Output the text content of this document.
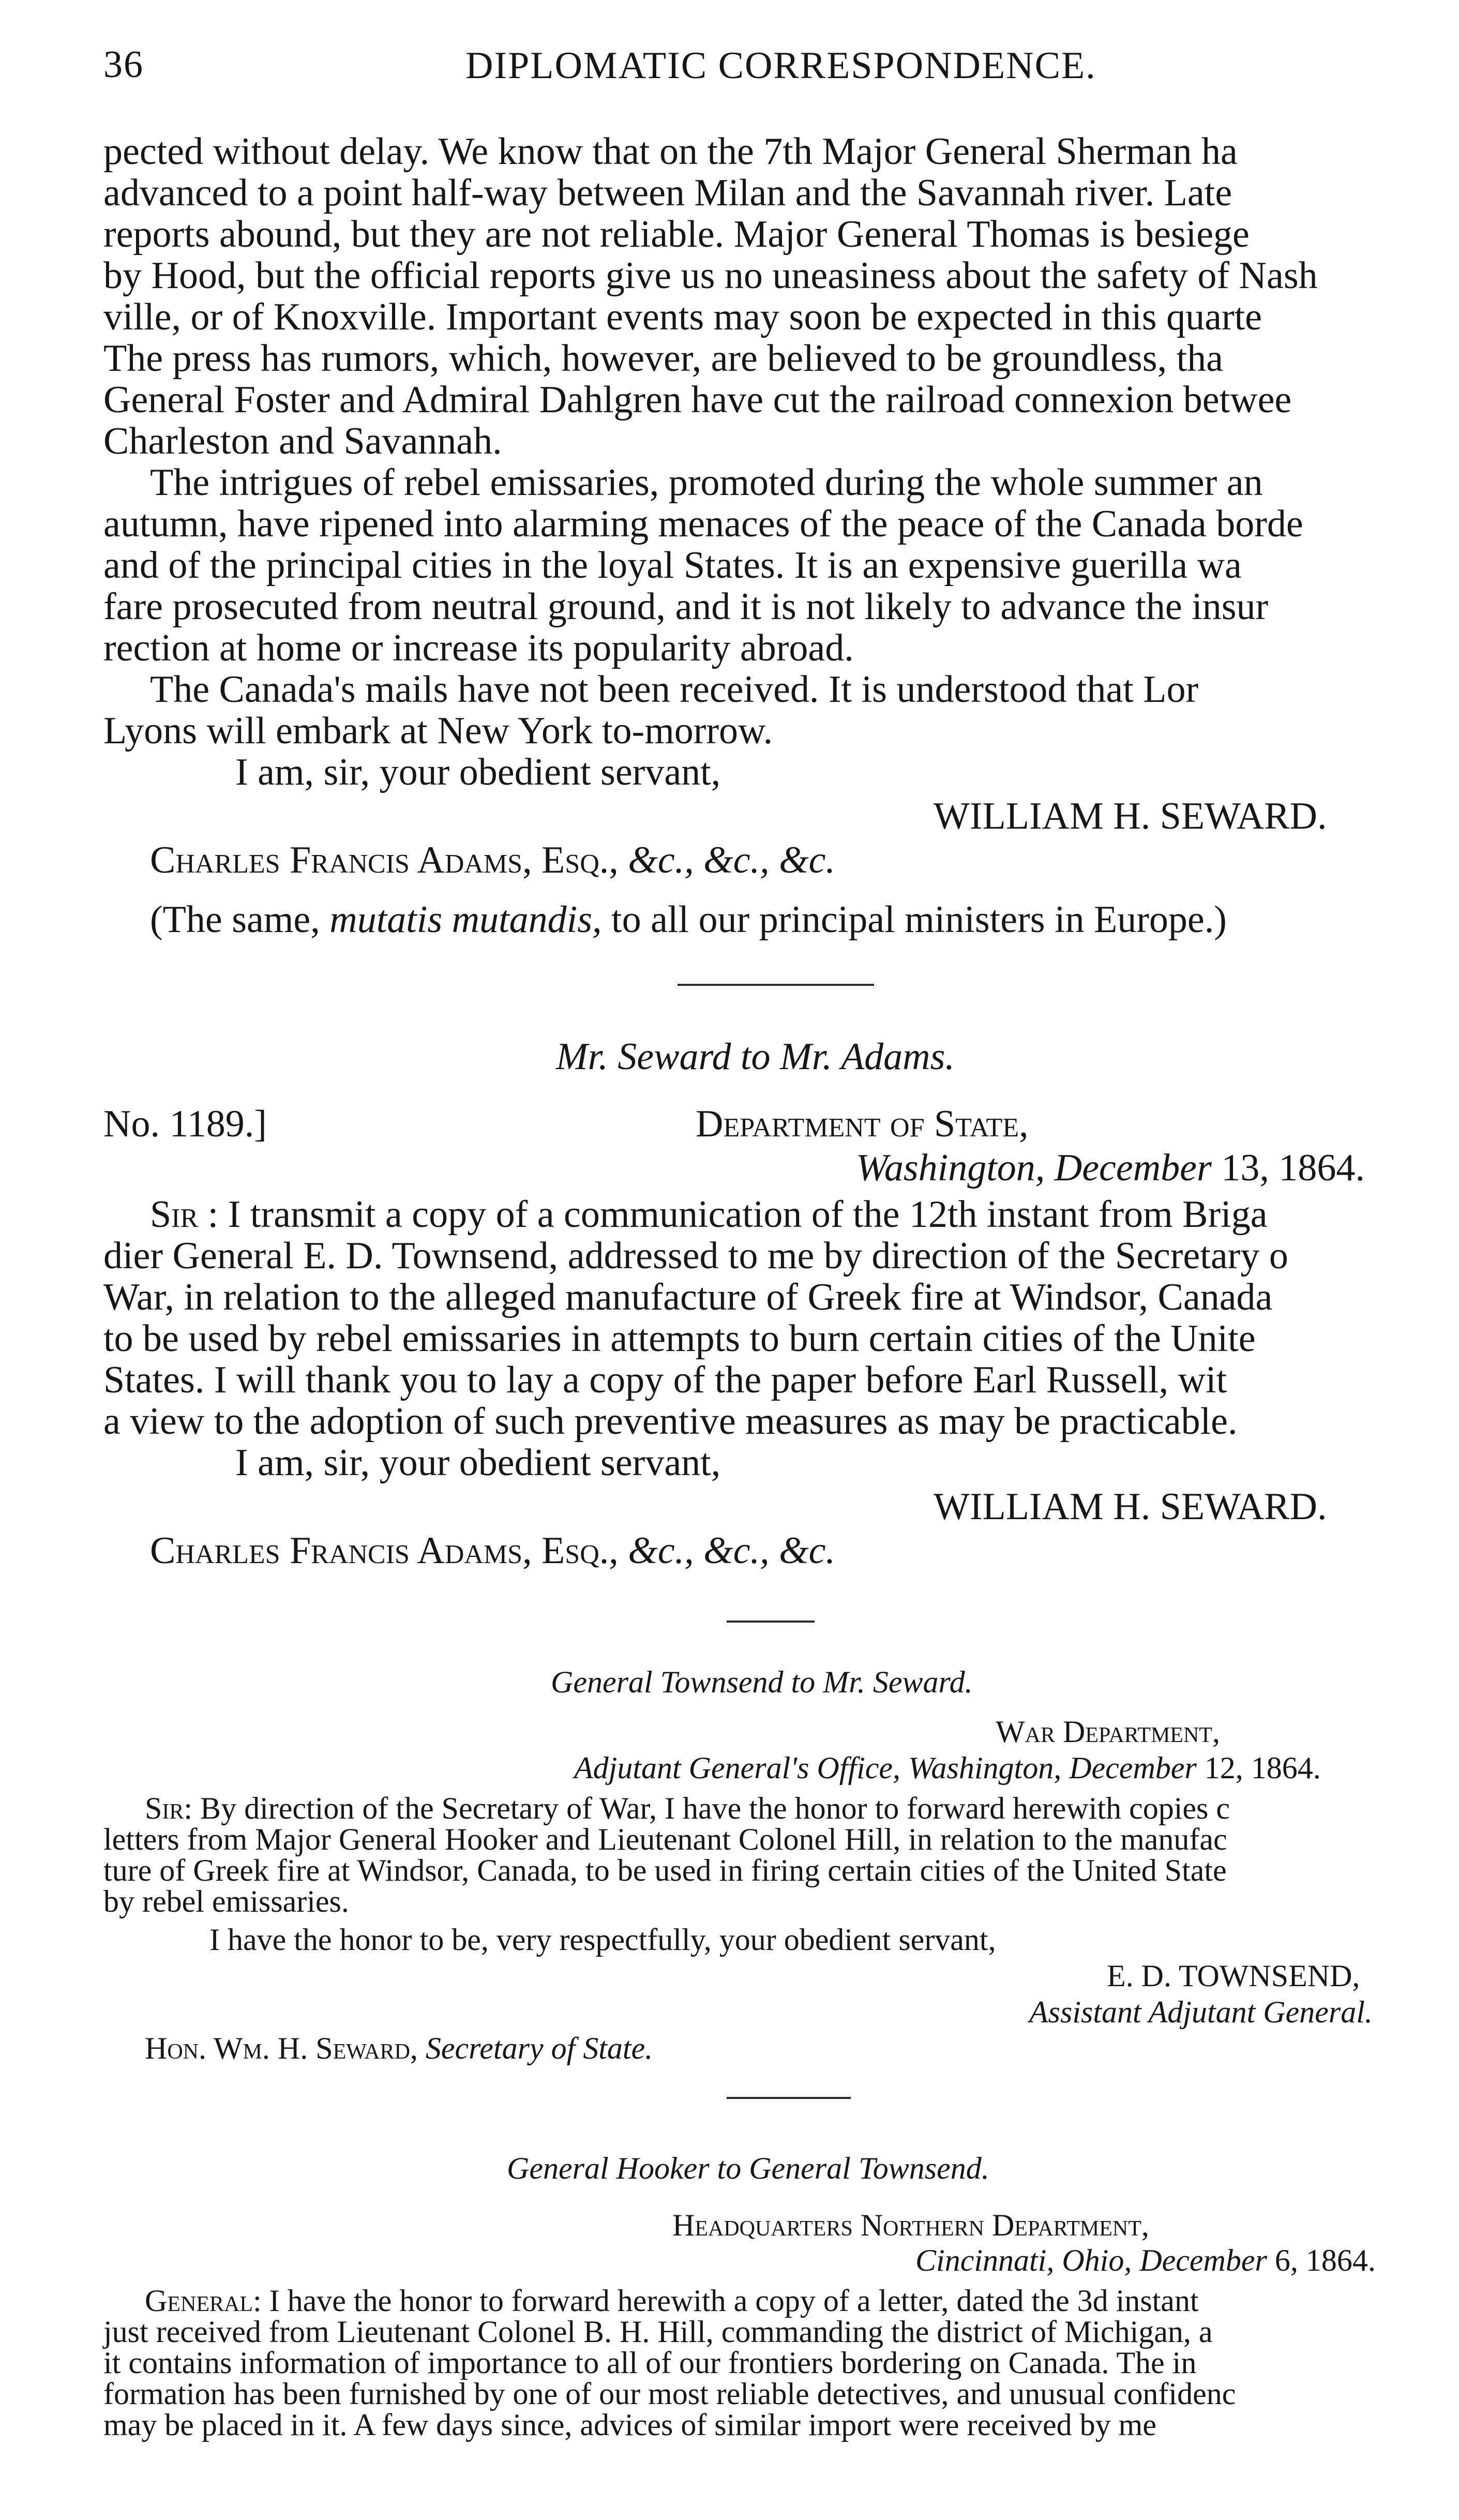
36	DIPLOMATIC CORRESPONDENCE.
pected without delay. We know that on the 7th Major General Sherman ha
advanced to a point half-way between Milan and the Savannah river. Late
reports abound, but they are not reliable. Major General Thomas is besiege
by Hood, but the official reports give us no uneasiness about the safety of Nash
ville, or of Knoxville. Important events may soon be expected in this quarte
The press has rumors, which, however, are believed to be groundless, tha
General Foster and Admiral Dahlgren have cut the railroad connexion betwee
Charleston and Savannah.
The intrigues of rebel emissaries, promoted during the whole summer an
autumn, have ripened into alarming menaces of the peace of the Canada borde
and of the principal cities in the loyal States. It is an expensive guerilla wa
fare prosecuted from neutral ground, and it is not likely to advance the insur
rection at home or increase its popularity abroad.
The Canada's mails have not been received. It is understood that Lor
Lyons will embark at New York to-morrow.
I am, sir, your obedient servant,
WILLIAM H. SEWARD.
Charles Francis Adams, Esq., &c., &c., &c.
(The same, mutatis mutandis, to all our principal ministers in Europe.)
Mr. Seward to Mr. Adams.
No. 1189.]	Department of State,
Washington, December 13, 1864.
Sir : I transmit a copy of a communication of the 12th instant from Briga
dier General E. D. Townsend, addressed to me by direction of the Secretary o
War, in relation to the alleged manufacture of Greek fire at Windsor, Canada
to be used by rebel emissaries in attempts to burn certain cities of the Unite
States. I will thank you to lay a copy of the paper before Earl Russell, wit
a view to the adoption of such preventive measures as may be practicable.
I am, sir, your obedient servant,
WILLIAM H. SEWARD.
Charles Francis Adams, Esq., &c., &c., &c.
General Townsend to Mr. Seward.
War Department,
Adjutant General's Office, Washington, December 12, 1864.
Sir: By direction of the Secretary of War, I have the honor to forward herewith copies c
letters from Major General Hooker and Lieutenant Colonel Hill, in relation to the manufac
ture of Greek fire at Windsor, Canada, to be used in firing certain cities of the United State
by rebel emissaries.
I have the honor to be, very respectfully, your obedient servant,
E. D. TOWNSEND,
Assistant Adjutant General.
Hon. Wm. H. Seward, Secretary of State.
General Hooker to General Townsend.
Headquarters Northern Department,
Cincinnati, Ohio, December 6, 1864.
General: I have the honor to forward herewith a copy of a letter, dated the 3d instant
just received from Lieutenant Colonel B. H. Hill, commanding the district of Michigan, a
it contains information of importance to all of our frontiers bordering on Canada. The in
formation has been furnished by one of our most reliable detectives, and unusual confidenc
may be placed in it. A few days since, advices of similar import were received by me
